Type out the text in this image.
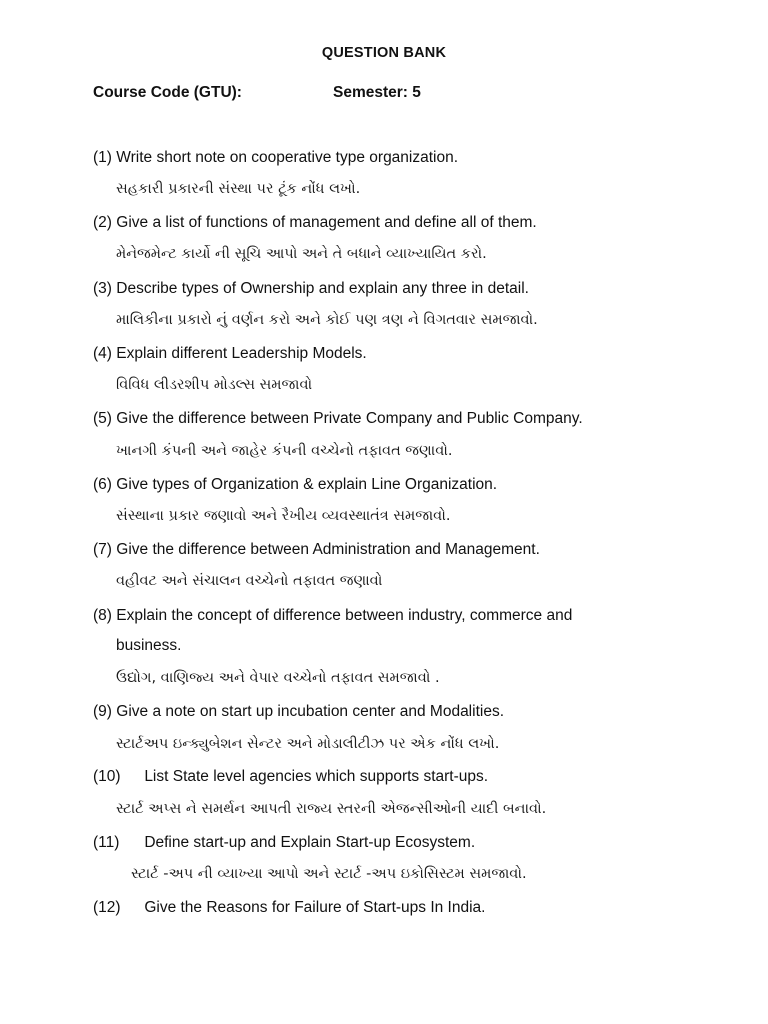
QUESTION BANK
Course Code (GTU):	Semester: 5
(1) Write short note on cooperative type organization.
સહકારી પ્રકારની સંસ્થા પર ટૂંક નોંધ લખો.
(2) Give a list of functions of management and define all of them.
મેનેજમેન્ટ કાર્યો ની સૂચિ આપો અને તે બધાને વ્યાખ્યાયિત કરો.
(3) Describe types of Ownership and explain any three in detail.
માલિકીના પ્રકારો નું વર્ણન કરો અને કોઈ પણ ત્રણ ને વિગતવાર સમજાવો.
(4) Explain different Leadership Models.
વિવિધ લીડરશીપ મોડલ્સ સમજાવો
(5) Give the difference between Private Company and Public Company.
ખાનગી કંપની અને જાહેર કંપની વચ્ચેનો તફાવત જણાવો.
(6) Give types of Organization & explain Line Organization.
સંસ્થાના પ્રકાર જણાવો અને રૈખીય વ્યવસ્થાતંત્ર સમજાવો.
(7) Give the difference between Administration and Management.
વહીવટ અને સંચાલન વચ્ચેનો તફાવત જણાવો
(8) Explain the concept of difference between industry, commerce and
business.
ઉદ્યોગ, વાણિજ્ય અને વેપાર વચ્ચેનો તફાવત સમજાવો .
(9) Give a note on start up incubation center and Modalities.
સ્ટાર્ટઅપ ઇન્ક્યુબેશન સેન્ટર અને મોડાલીટીઝ પર એક નોંધ લખો.
(10) List State level agencies which supports start-ups.
સ્ટાર્ટ અપ્સ ને સમર્થન આપતી રાજ્ય સ્તરની એજન્સીઓની યાદી બનાવો.
(11) Define start-up and Explain Start-up Ecosystem.
સ્ટાર્ટ -અપ ની વ્યાખ્યા આપો અને સ્ટાર્ટ -અપ ઇકોસિસ્ટમ સમજાવો.
(12) Give the Reasons for Failure of Start-ups In India.
